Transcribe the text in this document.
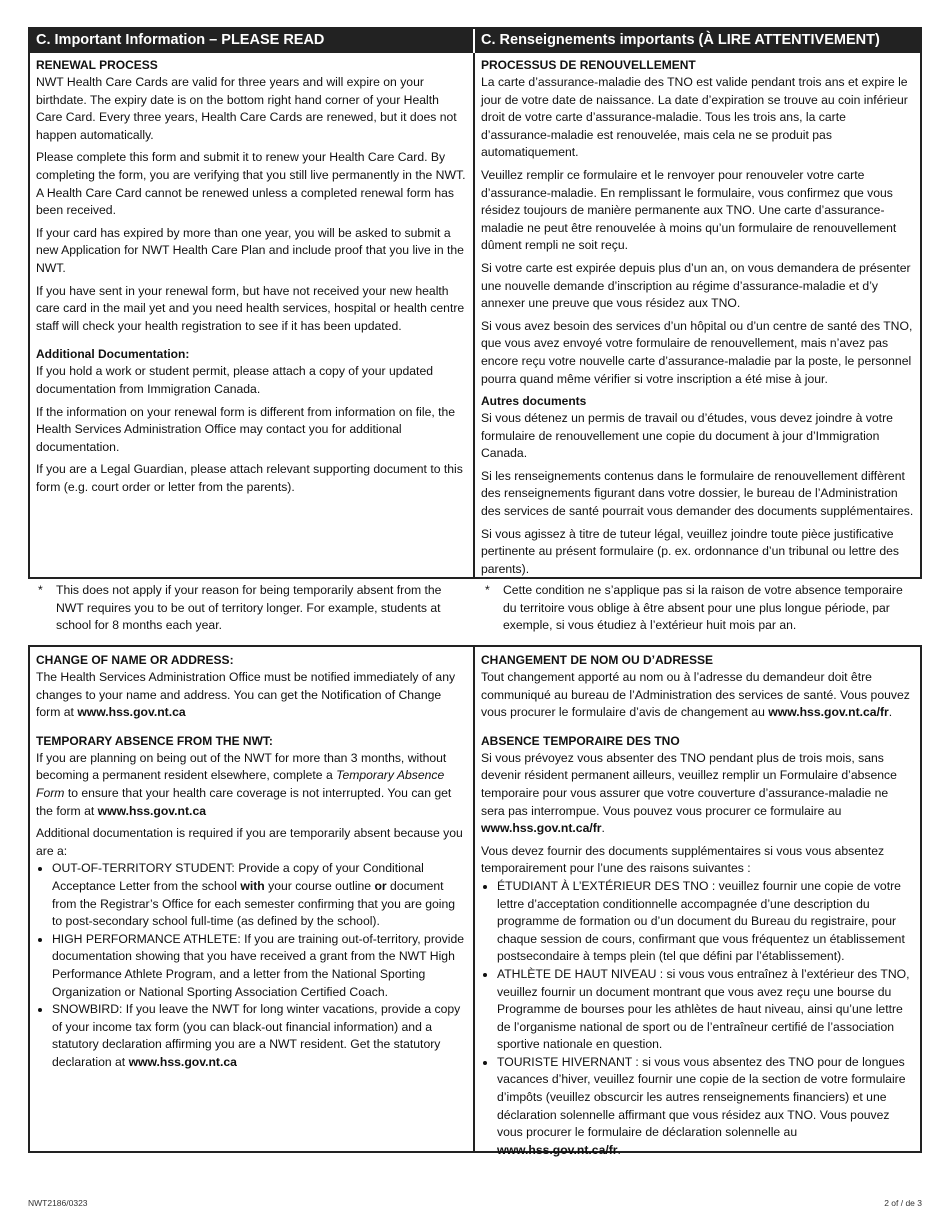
C. Important Information – PLEASE READ	C. Renseignements importants (À LIRE ATTENTIVEMENT)
RENEWAL PROCESS

NWT Health Care Cards are valid for three years and will expire on your birthdate. The expiry date is on the bottom right hand corner of your Health Care Card. Every three years, Health Care Cards are renewed, but it does not happen automatically.

Please complete this form and submit it to renew your Health Care Card. By completing the form, you are verifying that you still live permanently in the NWT. A Health Care Card cannot be renewed unless a completed renewal form has been received.

If your card has expired by more than one year, you will be asked to submit a new Application for NWT Health Care Plan and include proof that you live in the NWT.

If you have sent in your renewal form, but have not received your new health care card in the mail yet and you need health services, hospital or health centre staff will check your health registration to see if it has been updated.

Additional Documentation:

If you hold a work or student permit, please attach a copy of your updated documentation from Immigration Canada.

If the information on your renewal form is different from information on file, the Health Services Administration Office may contact you for additional documentation.

If you are a Legal Guardian, please attach relevant supporting document to this form (e.g. court order or letter from the parents).

PROCESSUS DE RENOUVELLEMENT

La carte d’assurance-maladie des TNO est valide pendant trois ans et expire le jour de votre date de naissance. La date d’expiration se trouve au coin inférieur droit de votre carte d’assurance-maladie. Tous les trois ans, la carte d’assurance-maladie est renouvelée, mais cela ne se produit pas automatiquement.

Veuillez remplir ce formulaire et le renvoyer pour renouveler votre carte d’assurance-maladie. En remplissant le formulaire, vous confirmez que vous résidez toujours de manière permanente aux TNO. Une carte d’assurance-maladie ne peut être renouvelée à moins qu’un formulaire de renouvellement dûment rempli ne soit reçu.

Si votre carte est expirée depuis plus d’un an, on vous demandera de présenter une nouvelle demande d’inscription au régime d’assurance-maladie et d’y annexer une preuve que vous résidez aux TNO.

Si vous avez besoin des services d’un hôpital ou d’un centre de santé des TNO, que vous avez envoyé votre formulaire de renouvellement, mais n’avez pas encore reçu votre nouvelle carte d’assurance-maladie par la poste, le personnel pourra quand même vérifier si votre inscription a été mise à jour.

Autres documents

Si vous détenez un permis de travail ou d’études, vous devez joindre à votre formulaire de renouvellement une copie du document à jour d’Immigration Canada.

Si les renseignements contenus dans le formulaire de renouvellement diffèrent des renseignements figurant dans votre dossier, le bureau de l’Administration des services de santé pourrait vous demander des documents supplémentaires.

Si vous agissez à titre de tuteur légal, veuillez joindre toute pièce justificative pertinente au présent formulaire (p. ex. ordonnance d’un tribunal ou lettre des parents).

*	This does not apply if your reason for being temporarily absent from the NWT requires you to be out of territory longer. For example, students at school for 8 months each year.
*	Cette condition ne s’applique pas si la raison de votre absence temporaire du territoire vous oblige à être absent pour une plus longue période, par exemple, si vous étudiez à l’extérieur huit mois par an.
CHANGE OF NAME OR ADDRESS:

The Health Services Administration Office must be notified immediately of any changes to your name and address. You can get the Notification of Change form at www.hss.gov.nt.ca

TEMPORARY ABSENCE FROM THE NWT:

If you are planning on being out of the NWT for more than 3 months, without becoming a permanent resident elsewhere, complete a Temporary Absence Form to ensure that your health care coverage is not interrupted. You can get the form at www.hss.gov.nt.ca

Additional documentation is required if you are temporarily absent because you are a:

• OUT-OF-TERRITORY STUDENT: Provide a copy of your Conditional Acceptance Letter from the school with your course outline or document from the Registrar’s Office for each semester confirming that you are going to post-secondary school full-time (as defined by the school).
• HIGH PERFORMANCE ATHLETE: If you are training out-of-territory, provide documentation showing that you have received a grant from the NWT High Performance Athlete Program, and a letter from the National Sporting Organization or National Sporting Association Certified Coach.
• SNOWBIRD: If you leave the NWT for long winter vacations, provide a copy of your income tax form (you can black-out financial information) and a statutory declaration affirming you are a NWT resident. Get the statutory declaration at www.hss.gov.nt.ca
CHANGEMENT DE NOM OU D’ADRESSE

Tout changement apporté au nom ou à l’adresse du demandeur doit être communiqué au bureau de l’Administration des services de santé. Vous pouvez vous procurer le formulaire d’avis de changement au www.hss.gov.nt.ca/fr.

ABSENCE TEMPORAIRE DES TNO

Si vous prévoyez vous absenter des TNO pendant plus de trois mois, sans devenir résident permanent ailleurs, veuillez remplir un Formulaire d’absence temporaire pour vous assurer que votre couverture d’assurance-maladie ne sera pas interrompue. Vous pouvez vous procurer ce formulaire au www.hss.gov.nt.ca/fr.

Vous devez fournir des documents supplémentaires si vous vous absentez temporairement pour l’une des raisons suivantes :

• ÉTUDIANT À L’EXTÉRIEUR DES TNO : veuillez fournir une copie de votre lettre d’acceptation conditionnelle accompagnée d’une description du programme de formation ou d’un document du Bureau du registraire, pour chaque session de cours, confirmant que vous fréquentez un établissement postsecondaire à temps plein (tel que défini par l’établissement).
• ATHLÈTE DE HAUT NIVEAU : si vous vous entraînez à l’extérieur des TNO, veuillez fournir un document montrant que vous avez reçu une bourse du Programme de bourses pour les athlètes de haut niveau, ainsi qu’une lettre de l’organisme national de sport ou de l’entraîneur certifié de l’association sportive nationale en question.
• TOURISTE HIVERNANT : si vous vous absentez des TNO pour de longues vacances d’hiver, veuillez fournir une copie de la section de votre formulaire d’impôts (veuillez obscurcir les autres renseignements financiers) et une déclaration solennelle affirmant que vous résidez aux TNO. Vous pouvez vous procurer le formulaire de déclaration solennelle au www.hss.gov.nt.ca/fr.
NWT2186/0323	2 of / de 3
